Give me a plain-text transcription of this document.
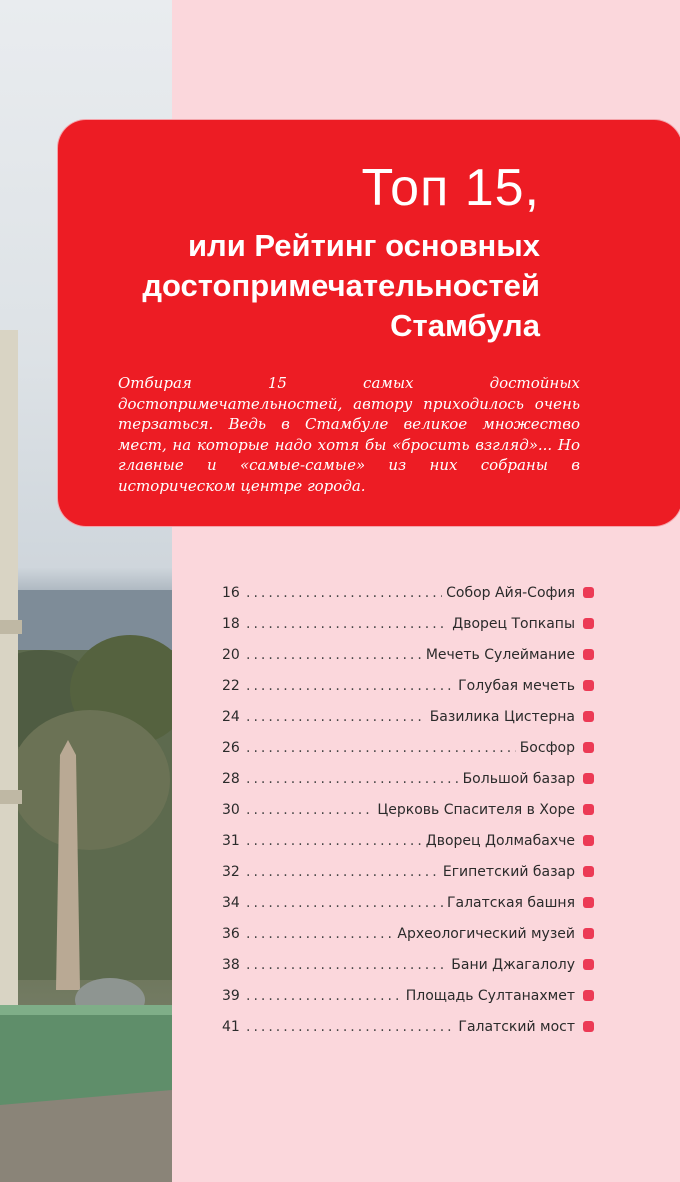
Топ 15,
или Рейтинг основных
достопримечательностей
Стамбула

Отбирая 15 самых достойных достопримечательностей, автору приходилось очень терзаться. Ведь в Стамбуле великое множество мест, на которые надо хотя бы «бросить взгляд»... Но главные и «самые-самые» из них собраны в историческом центре города.

16 .....	Собор Айя-София
18 .....	Дворец Топкапы
20 .....	Мечеть Сулеймание
22 .....	Голубая мечеть
24 .....	Базилика Цистерна
26 .....	Босфор
28 .....	Большой базар
30 .....	Церковь Спасителя в Хоре
31 .....	Дворец Долмабахче
32 .....	Египетский базар
34 .....	Галатская башня
36 .....	Археологический музей
38 .....	Бани Джагалолу
39 .....	Площадь Султанахмет
41 .....	Галатский мост
